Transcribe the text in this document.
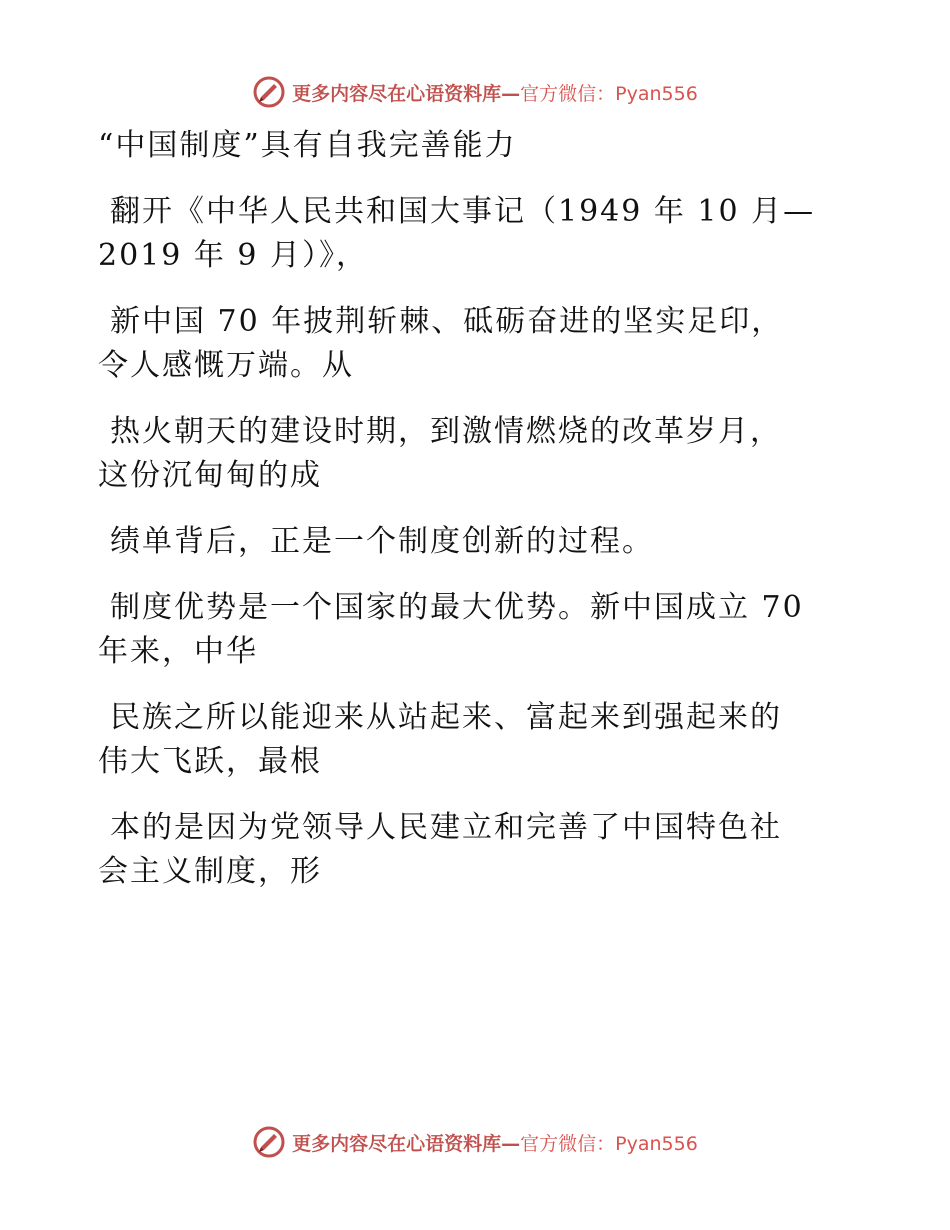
更多内容尽在心语资料库— 官方微信：Pyan556

“中国制度”具有自我完善能力

翻开《中华人民共和国大事记（1949 年 10 月—

2019 年 9 月）》，

新中国 70 年披荆斩棘、砥砺奋进的坚实足印，

令人感慨万端。从

热火朝天的建设时期，到激情燃烧的改革岁月，

这份沉甸甸的成

绩单背后，正是一个制度创新的过程。

制度优势是一个国家的最大优势。新中国成立 70

年来，中华

民族之所以能迎来从站起来、富起来到强起来的

伟大飞跃，最根

本的是因为党领导人民建立和完善了中国特色社

会主义制度，形

更多内容尽在心语资料库— 官方微信：Pyan556
